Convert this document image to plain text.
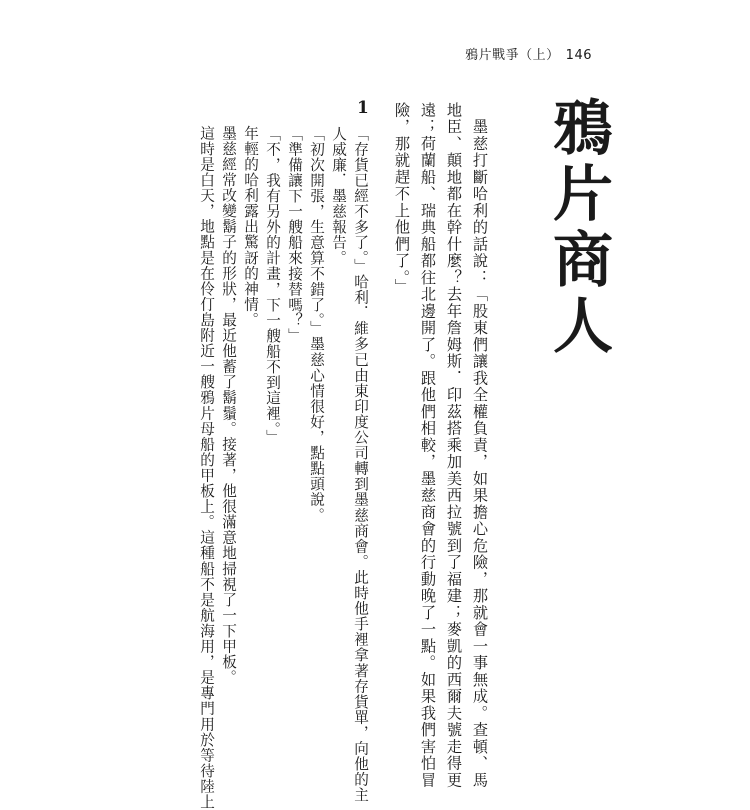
鴉片戰爭（上） 146
鴉片商人
1	　墨慈打斷哈利的話說：「股東們讓我全權負責，如果擔心危險，那就會一事無成。查頓、馬
地臣、顛地都在幹什麼？去年詹姆斯．印茲搭乘加美西拉號到了福建；麥凱的西爾夫號走得更
遠；荷蘭船、瑞典船都往北邊開了。跟他們相較，墨慈商會的行動晚了一點。如果我們害怕冒
險，那就趕不上他們了。」
「存貨已經不多了。」哈利．維多已由東印度公司轉到墨慈商會。此時他手裡拿著存貨單，向他的主
人威廉．墨慈報告。
「初次開張，生意算不錯了。」墨慈心情很好，點點頭說。
「準備讓下一艘船來接替嗎？」
「不，我有另外的計畫，下一艘船不到這裡。」
　年輕的哈利露出驚訝的神情。
　墨慈經常改變鬍子的形狀，最近他蓄了鬍鬚。接著，他很滿意地掃視了一下甲板。
　這時是白天，地點是在伶仃島附近一艘鴉片母船的甲板上。這種船不是航海用，是專門用於等待陸上
